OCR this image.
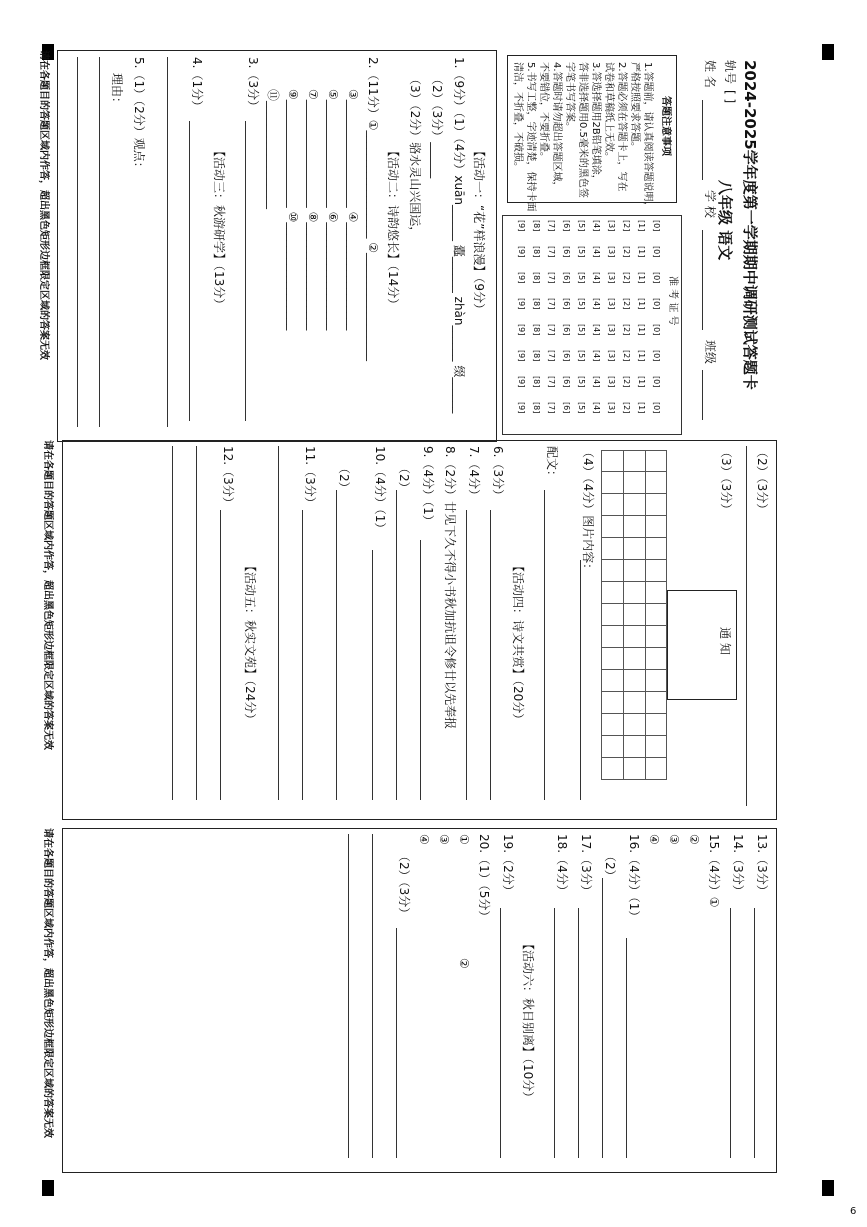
6
2024-2025学年度第一学期期中调研测试答题卡
八年级 语文
轨号
[ ]
姓 名
学 校
班级
答题注意事项
1.答题前，请认真阅读答题说明，
严格按照要求答题。
2.答题必须在答题卡上，写在
试卷和草稿纸上无效。
3.答选择题用2B铅笔填涂，
答非选择题用0.5毫米的黑色签
字笔书写答案。
4.答题时请勿超出答题区域，
不要错位，不要折叠。
5.书写工整，字迹清楚，保持卡面
清洁，不折叠，不破损。
准 考 证 号
[0]
[1]
[2]
[3]
[4]
[5]
[6]
[7]
[8]
[9]
[0]
[1]
[2]
[3]
[4]
[5]
[6]
[7]
[8]
[9]
[0]
[1]
[2]
[3]
[4]
[5]
[6]
[7]
[8]
[9]
[0]
[1]
[2]
[3]
[4]
[5]
[6]
[7]
[8]
[9]
[0]
[1]
[2]
[3]
[4]
[5]
[6]
[7]
[8]
[9]
[0]
[1]
[2]
[3]
[4]
[5]
[6]
[7]
[8]
[9]
[0]
[1]
[2]
[3]
[4]
[5]
[6]
[7]
[8]
[9]
[0]
[1]
[2]
[3]
[4]
[5]
[6]
[7]
[8]
[9]
【活动一：“花”样浪漫】（9分）
1.（9分）（1）（4分）xuān______ 蠹______ zhàn______ 缀______
（2）（3分）______
（3）（2分）骆水灵山兴国运，
【活动二：诗韵悠长】（14分）
2.（11分）①__________________ ②__________________
③__________________ ④__________________
⑤__________________ ⑥__________________
⑦__________________ ⑧__________________
⑨__________________ ⑩__________________
⑪__________________
3.（3分）
【活动三：秋游研学】（13分）
4.（1分）
5.（1）（2分）观点：
理由：
请在各题目的答题区域内作答，超出黑色矩形边框限定区域的答案无效
（2）（3分）
（3）（3分）
通 知
（4）（4分）图片内容：
配文：
【活动四：诗文共赏】（20分）
6.（3分）
7.（4分）
8.（2分）廿见下久不得小书秋加抗诅令修廿以先奉报
9.（4分）（1）
（2）
10.（4分）（1）
（2）
11.（3分）
【活动五：秋实文苑】（24分）
12.（3分）
请在各题目的答题区域内作答，超出黑色矩形边框限定区域的答案无效
13.（3分）
14.（3分）
15.（4分）①
②
③
④
16.（4分）（1）
（2）
17.（3分）
18.（4分）
【活动六：秋日别离】（10分）
19.（2分）
20.（1）（5分）
①
②
③
④
（2）（3分）
请在各题目的答题区域内作答，超出黑色矩形边框限定区域的答案无效
